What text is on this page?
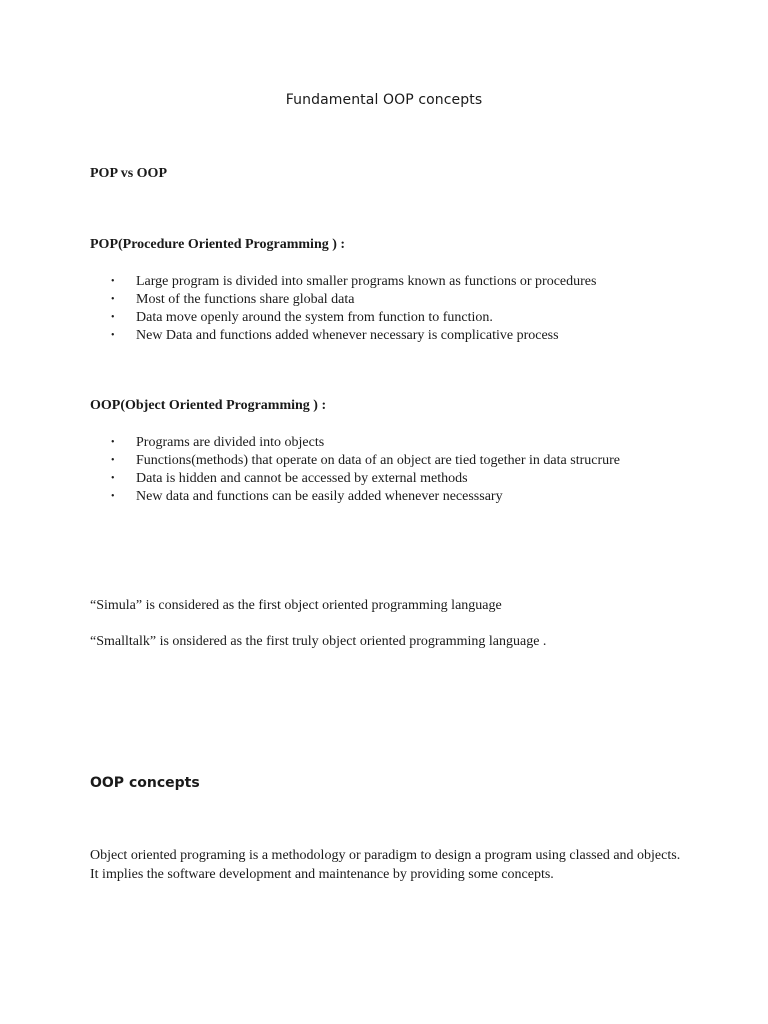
Fundamental OOP concepts

POP vs OOP

POP(Procedure Oriented Programming ) :

• Large program is divided into smaller programs known as functions or procedures
• Most of the functions share global data
• Data move openly around the system from function to function.
• New Data and functions added whenever necessary is complicative process

OOP(Object Oriented Programming ) :

• Programs are divided into objects
• Functions(methods) that operate on data of an object are tied together in data strucrure
• Data is hidden and cannot be accessed by external methods
• New data and functions can be easily added whenever necesssary

“Simula” is considered as the first object oriented programming language

“Smalltalk” is onsidered as the first truly object oriented programming language .

OOP concepts

Object oriented programing is a methodology or paradigm to design a program using classed and objects. It implies the software development and maintenance by providing some concepts.
